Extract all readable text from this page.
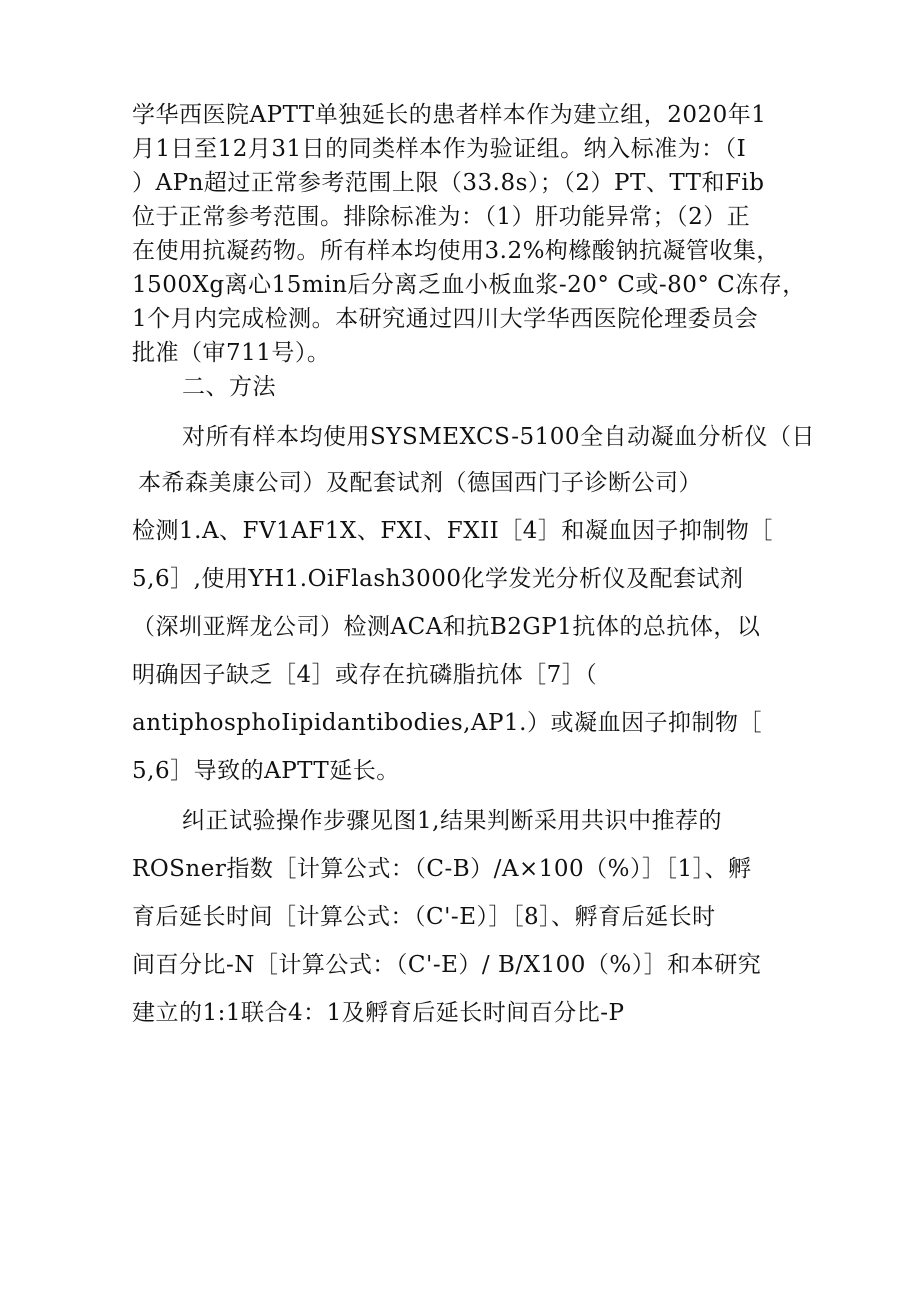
学华西医院APTT单独延长的患者样本作为建立组，2020年1
月1日至12月31日的同类样本作为验证组。纳入标准为：（I
）APn超过正常参考范围上限（33.8s）；（2）PT、TT和Fib
位于正常参考范围。排除标准为：（1）肝功能异常；（2）正
在使用抗凝药物。所有样本均使用3.2%枸橼酸钠抗凝管收集，
1500Xg离心15min后分离乏血小板血浆-20° C或-80° C冻存，
1个月内完成检测。本研究通过四川大学华西医院伦理委员会
批准（审711号）。
二、方法
对所有样本均使用SYSMEXCS-5100全自动凝血分析仪（日
本希森美康公司）及配套试剂（德国西门子诊断公司）
检测1.A、FV1AF1X、FXI、FXII［4］和凝血因子抑制物［
5,6］,使用YH1.OiFlash3000化学发光分析仪及配套试剂
（深圳亚辉龙公司）检测ACA和抗B2GP1抗体的总抗体，以
明确因子缺乏［4］或存在抗磷脂抗体［7］（
antiphosphoIipidantibodies,AP1.）或凝血因子抑制物［
5,6］导致的APTT延长。
纠正试验操作步骤见图1,结果判断采用共识中推荐的
ROSner指数［计算公式：（C-B）/A×100（%）］［1］、孵
育后延长时间［计算公式：（C'-E）］［8］、孵育后延长时
间百分比-N［计算公式：（C'-E）/ B/X100（%）］和本研究
建立的1:1联合4：1及孵育后延长时间百分比-P
